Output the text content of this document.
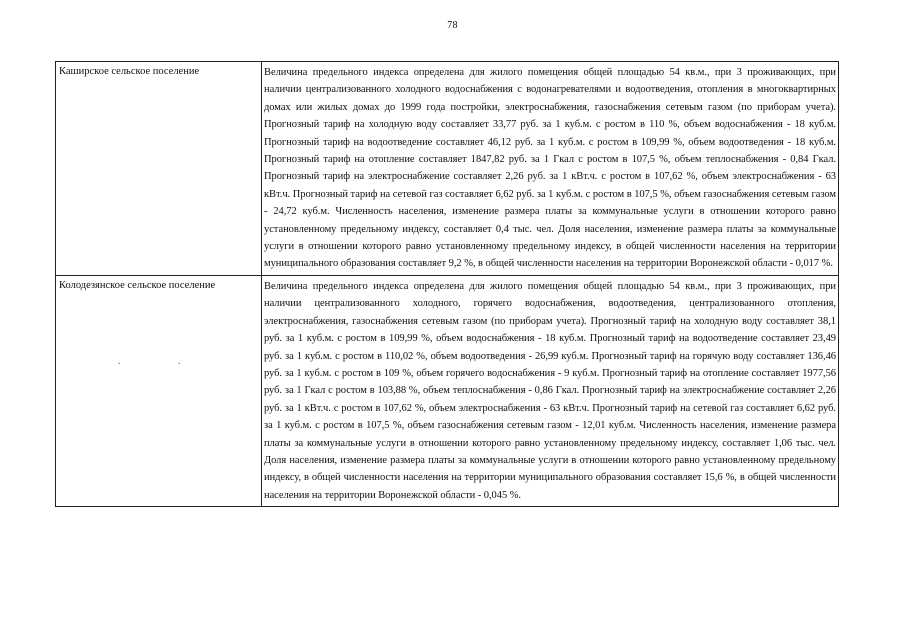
78
Каширское сельское поселение	Величина предельного индекса определена для жилого помещения общей площадью 54 кв.м., при 3 проживающих, при наличии централизованного холодного водоснабжения с водонагревателями и водоотведения, отопления в многоквартирных домах или жилых домах до 1999 года постройки, электроснабжения, газоснабжения сетевым газом (по приборам учета). Прогнозный тариф на холодную воду составляет 33,77 руб. за 1 куб.м. с ростом в 110 %, объем водоснабжения - 18 куб.м. Прогнозный тариф на водоотведение составляет 46,12 руб. за 1 куб.м. с ростом в 109,99 %, объем водоотведения - 18 куб.м. Прогнозный тариф на отопление составляет 1847,82 руб. за 1 Гкал с ростом в 107,5 %, объем теплоснабжения - 0,84 Гкал. Прогнозный тариф на электроснабжение составляет 2,26 руб. за 1 кВт.ч. с ростом в 107,62 %, объем электроснабжения - 63 кВт.ч. Прогнозный тариф на сетевой газ составляет 6,62 руб. за 1 куб.м. с ростом в 107,5 %, объем газоснабжения сетевым газом - 24,72 куб.м. Численность населения, изменение размера платы за коммунальные услуги в отношении которого равно установленному предельному индексу, составляет 0,4 тыс. чел. Доля населения, изменение размера платы за коммунальные услуги в отношении которого равно установленному предельному индексу, в общей численности населения на территории муниципального образования составляет 9,2 %, в общей численности населения на территории Воронежской области - 0,017 %.

Колодезянское сельское поселение	Величина предельного индекса определена для жилого помещения общей площадью 54 кв.м., при 3 проживающих, при наличии централизованного холодного, горячего водоснабжения, водоотведения, централизованного отопления, электроснабжения, газоснабжения сетевым газом (по приборам учета). Прогнозный тариф на холодную воду составляет 38,1 руб. за 1 куб.м. с ростом в 109,99 %, объем водоснабжения - 18 куб.м. Прогнозный тариф на водоотведение составляет 23,49 руб. за 1 куб.м. с ростом в 110,02 %, объем водоотведения - 26,99 куб.м. Прогнозный тариф на горячую воду составляет 136,46 руб. за 1 куб.м. с ростом в 109 %, объем горячего водоснабжения - 9 куб.м. Прогнозный тариф на отопление составляет 1977,56 руб. за 1 Гкал с ростом в 103,88 %, объем теплоснабжения - 0,86 Гкал. Прогнозный тариф на электроснабжение составляет 2,26 руб. за 1 кВт.ч. с ростом в 107,62 %, объем электроснабжения - 63 кВт.ч. Прогнозный тариф на сетевой газ составляет 6,62 руб. за 1 куб.м. с ростом в 107,5 %, объем газоснабжения сетевым газом - 12,01 куб.м. Численность населения, изменение размера платы за коммунальные услуги в отношении которого равно установленному предельному индексу, составляет 1,06 тыс. чел. Доля населения, изменение размера платы за коммунальные услуги в отношении которого равно установленному предельному индексу, в общей численности населения на территории муниципального образования составляет 15,6 %, в общей численности населения на территории Воронежской области - 0,045 %.
.	.
